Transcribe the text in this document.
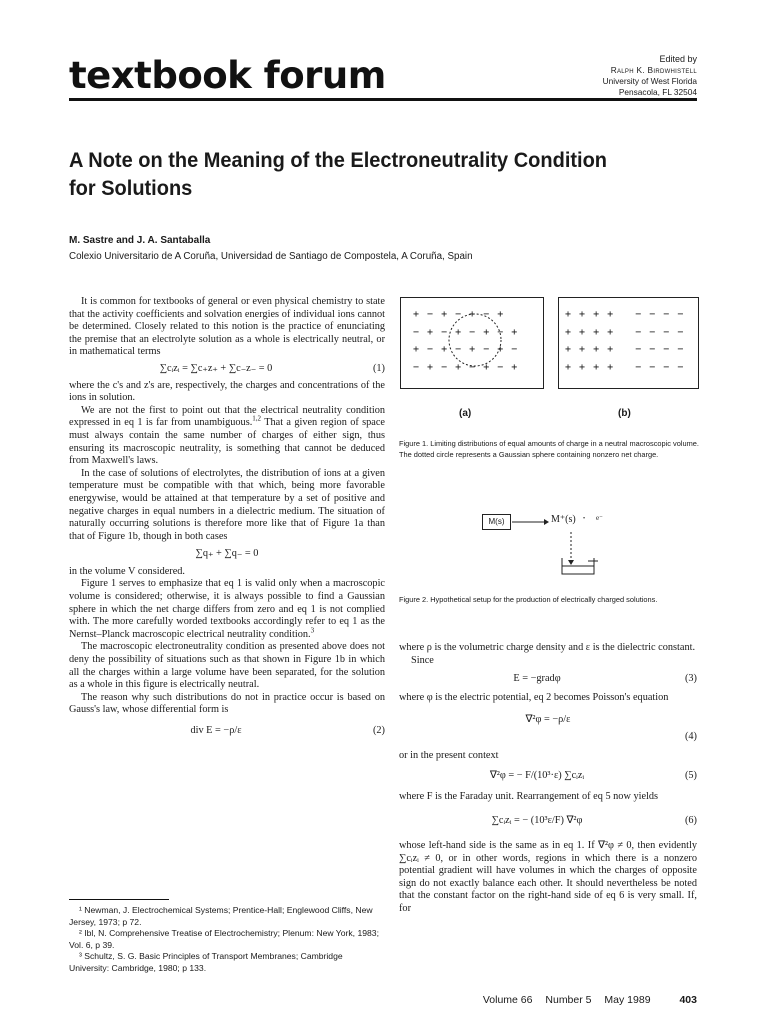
textbook forum	Edited by
Ralph K. Birdwhistell
University of West Florida
Pensacola, FL 32504
A Note on the Meaning of the Electroneutrality Condition
for Solutions
M. Sastre and J. A. Santaballa
Colexio Universitario de A Coruña, Universidad de Santiago de Compostela, A Coruña, Spain

It is common for textbooks of general or even physical chemistry to state that the activity coefficients and solvation energies of individual ions cannot be determined. Closely related to this notion is the practice of enunciating the premise that an electrolyte solution as a whole is electrically neutral, or in mathematical terms

∑cᵢzᵢ = ∑c₊z₊ + ∑c₋z₋ = 0	(1)

where the c's and z's are, respectively, the charges and concentrations of the ions in solution.

We are not the first to point out that the electrical neutrality condition expressed in eq 1 is far from unambiguous.$^{1,2}$ That a given region of space must always contain the same number of charges of either sign, thus ensuring its macroscopic neutrality, is something that cannot be deduced from Maxwell's laws.

In the case of solutions of electrolytes, the distribution of ions at a given temperature must be compatible with that which, being more favorable energywise, would be attained at that temperature by a set of positive and negative charges in equal numbers in a dielectric medium. The situation of naturally occurring solutions is therefore more like that of Figure 1a than that of Figure 1b, though in both cases

∑q₊ + ∑q₋ = 0

in the volume V considered.

Figure 1 serves to emphasize that eq 1 is valid only when a macroscopic volume is considered; otherwise, it is always possible to find a Gaussian sphere in which the net charge differs from zero and eq 1 is not complied with. The more carefully worded textbooks accordingly refer to eq 1 as the Nernst–Planck macroscopic electrical neutrality condition.$^3$

The macroscopic electroneutrality condition as presented above does not deny the possibility of situations such as that shown in Figure 1b in which all the charges within a large volume have been separated, for the solution as a whole in this figure is electrically neutral.

The reason why such distributions do not in practice occur is based on Gauss's law, whose differential form is

div E = −ρ/ε	(2)
¹ Newman, J. Electrochemical Systems; Prentice-Hall; Englewood Cliffs, New Jersey, 1973; p 72.
² Ibl, N. Comprehensive Treatise of Electrochemistry; Plenum: New York, 1983; Vol. 6, p 39.
³ Schultz, S. G. Basic Principles of Transport Membranes; Cambridge University: Cambridge, 1980; p 133.
+ − + − + − +
− + − + − + − +
+ − + − + − + −
− + − + − + − +
+ + + +   − − − −
+ + + +   − − − −
+ + + +   − − − −
+ + + +   − − − −
(a)	(b)
Figure 1. Limiting distributions of equal amounts of charge in a neutral macroscopic volume. The dotted circle represents a Gaussian sphere containing nonzero net charge.
M(s)	M⁺(s) • e⁻
Figure 2. Hypothetical setup for the production of electrically charged solutions.

where ρ is the volumetric charge density and ε is the dielectric constant.

Since

E = −gradφ	(3)

where φ is the electric potential, eq 2 becomes Poisson's equation

∇²φ = −ρ/ε
(4)

or in the present context

∇²φ = − F/(10³·ε) ∑cᵢzᵢ	(5)

where F is the Faraday unit. Rearrangement of eq 5 now yields

∑cᵢzᵢ = − (10³ε/F) ∇²φ	(6)

whose left-hand side is the same as in eq 1. If ∇²φ ≠ 0, then evidently ∑cᵢzᵢ ≠ 0, or in other words, regions in which there is a nonzero potential gradient will have volumes in which the charges of opposite sign do not exactly balance each other. It should nevertheless be noted that the constant factor on the right-hand side of eq 6 is very small. If, for

Volume 66 Number 5 May 1989	403
